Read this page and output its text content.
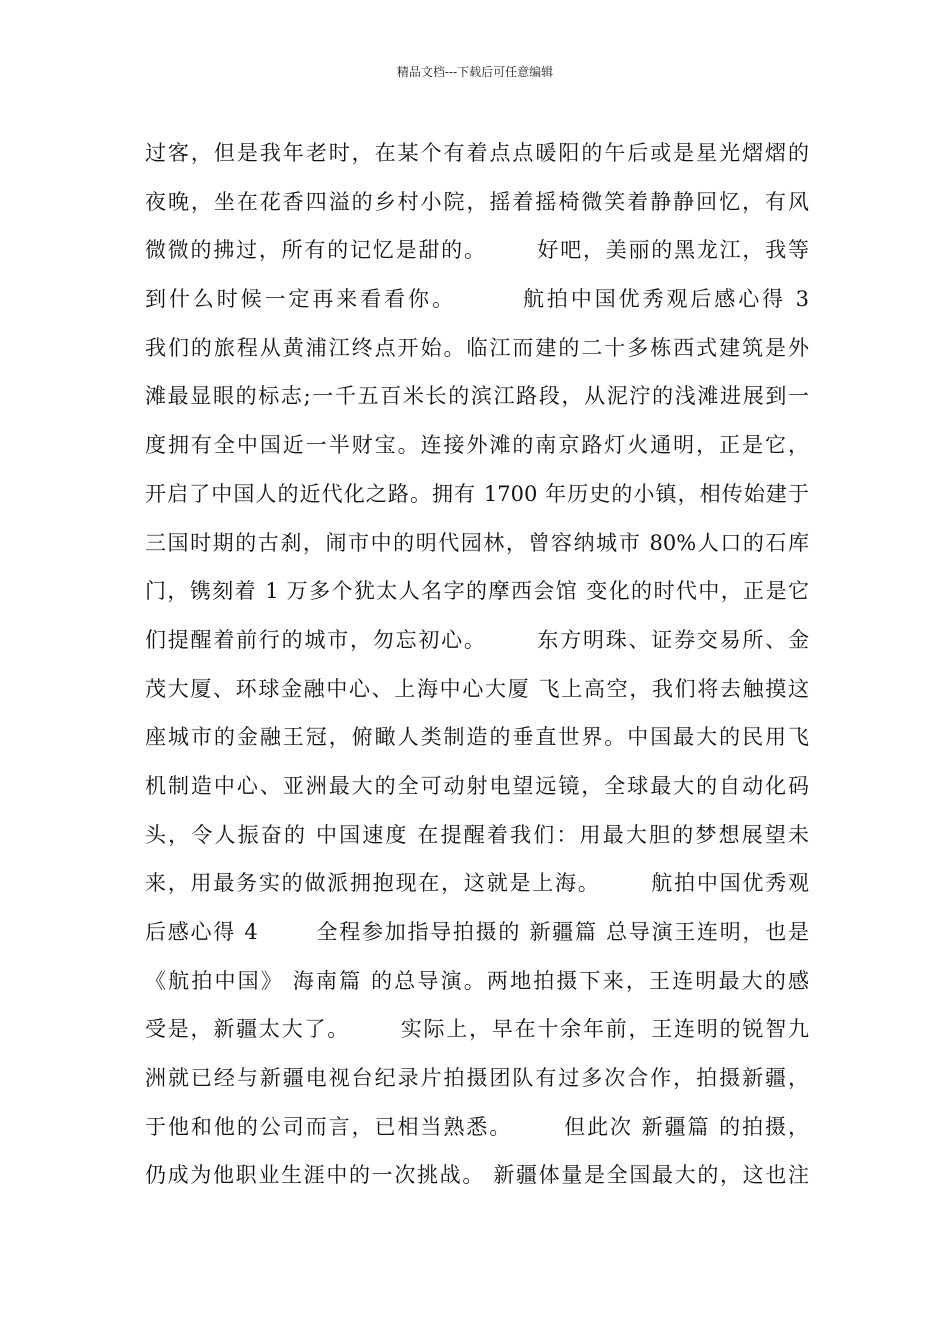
精品文档---下载后可任意编辑
过客，但是我年老时，在某个有着点点暖阳的午后或是星光熠熠的
夜晚，坐在花香四溢的乡村小院，摇着摇椅微笑着静静回忆，有风
微微的拂过，所有的记忆是甜的。      好吧，美丽的黑龙江，我等
到什么时候一定再来看看你。       航拍中国优秀观后感心得 3
我们的旅程从黄浦江终点开始。临江而建的二十多栋西式建筑是外
滩最显眼的标志;一千五百米长的滨江路段，从泥泞的浅滩进展到一
度拥有全中国近一半财宝。连接外滩的南京路灯火通明，正是它，
开启了中国人的近代化之路。拥有 1700 年历史的小镇，相传始建于
三国时期的古刹，闹市中的明代园林，曾容纳城市 80%人口的石库
门，镌刻着 1 万多个犹太人名字的摩西会馆 变化的时代中，正是它
们提醒着前行的城市，勿忘初心。      东方明珠、证券交易所、金
茂大厦、环球金融中心、上海中心大厦 飞上高空，我们将去触摸这
座城市的金融王冠，俯瞰人类制造的垂直世界。中国最大的民用飞
机制造中心、亚洲最大的全可动射电望远镜，全球最大的自动化码
头，令人振奋的 中国速度 在提醒着我们：用最大胆的梦想展望未
来，用最务实的做派拥抱现在，这就是上海。      航拍中国优秀观
后感心得 4       全程参加指导拍摄的 新疆篇 总导演王连明，也是
《航拍中国》 海南篇 的总导演。两地拍摄下来，王连明最大的感
受是，新疆太大了。      实际上，早在十余年前，王连明的锐智九
洲就已经与新疆电视台纪录片拍摄团队有过多次合作，拍摄新疆，
于他和他的公司而言，已相当熟悉。      但此次 新疆篇 的拍摄，
仍成为他职业生涯中的一次挑战。 新疆体量是全国最大的，这也注
